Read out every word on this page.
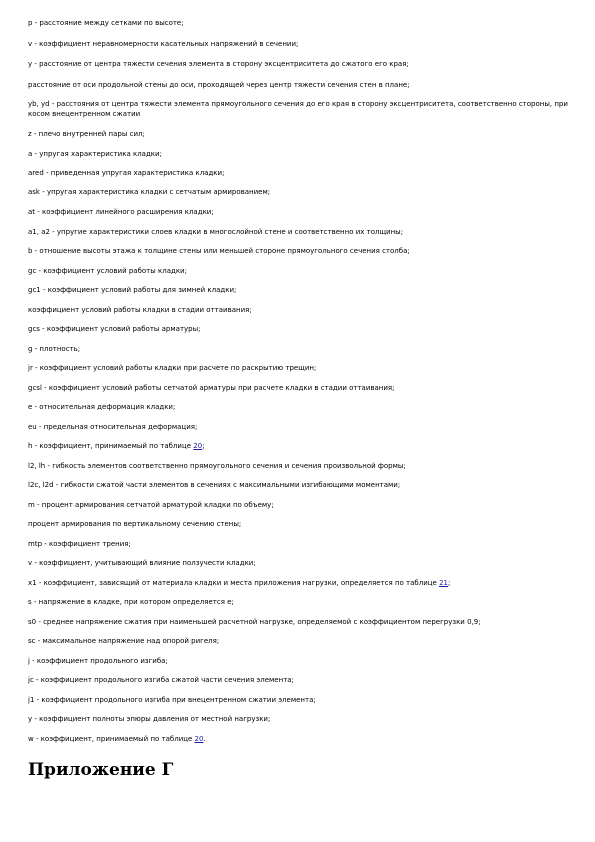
р - расстояние между сетками по высоте;
v - коэффициент неравномерности касательных напряжений в сечении;
y - расстояние от центра тяжести сечения элемента в сторону эксцентриситета до сжатого его края;
расстояние от оси продольной стены до оси, проходящей через центр тяжести сечения стен в плане;
yb, yd - расстояния от центра тяжести элемента прямоугольного сечения до его края в сторону эксцентриситета, соответственно стороны, при косом внецентренном сжатии
z - плечо внутренней пары сил;
a - упругая характеристика кладки;
ared - приведенная упругая характеристика кладки;
ask - упругая характеристика кладки с сетчатым армированием;
at - коэффициент линейного расширения кладки;
a1, a2 - упругие характеристики слоев кладки в многослойной стене и соответственно их толщины;
b - отношение высоты этажа к толщине стены или меньшей стороне прямоугольного сечения столба;
gc - коэффициент условий работы кладки;
gc1 - коэффициент условий работы для зимней кладки;
коэффициент условий работы кладки в стадии оттаивания;
gcs - коэффициент условий работы арматуры;
g - плотность;
jr - коэффициент условий работы кладки при расчете по раскрытию трещин;
gcsl - коэффициент условий работы сетчатой арматуры при расчете кладки в стадии оттаивания;
e - относительная деформация кладки;
eu - предельная относительная деформация;
h - коэффициент, принимаемый по таблице 20;
l2, lh - гибкость элементов соответственно прямоугольного сечения и сечения произвольной формы;
l2c, l2d - гибкости сжатой части элементов в сечениях с максимальными изгибающими моментами;
m - процент армирования сетчатой арматурой кладки по объему;
процент армирования по вертикальному сечению стены;
mtp - коэффициент трения;
v - коэффициент, учитывающий влияние ползучести кладки;
x1 - коэффициент, зависящий от материала кладки и места приложения нагрузки, определяется по таблице 21;
s - напряжение в кладке, при котором определяется e;
s0 - среднее напряжение сжатия при наименьшей расчетной нагрузке, определяемой с коэффициентом перегрузки 0,9;
sc - максимальное напряжение над опорой ригеля;
j - коэффициент продольного изгиба;
jc - коэффициент продольного изгиба сжатой части сечения элемента;
j1 - коэффициент продольного изгиба при внецентренном сжатии элемента;
y - коэффициент полноты эпюры давления от местной нагрузки;
w - коэффициент, принимаемый по таблице 20.
Приложение Г
